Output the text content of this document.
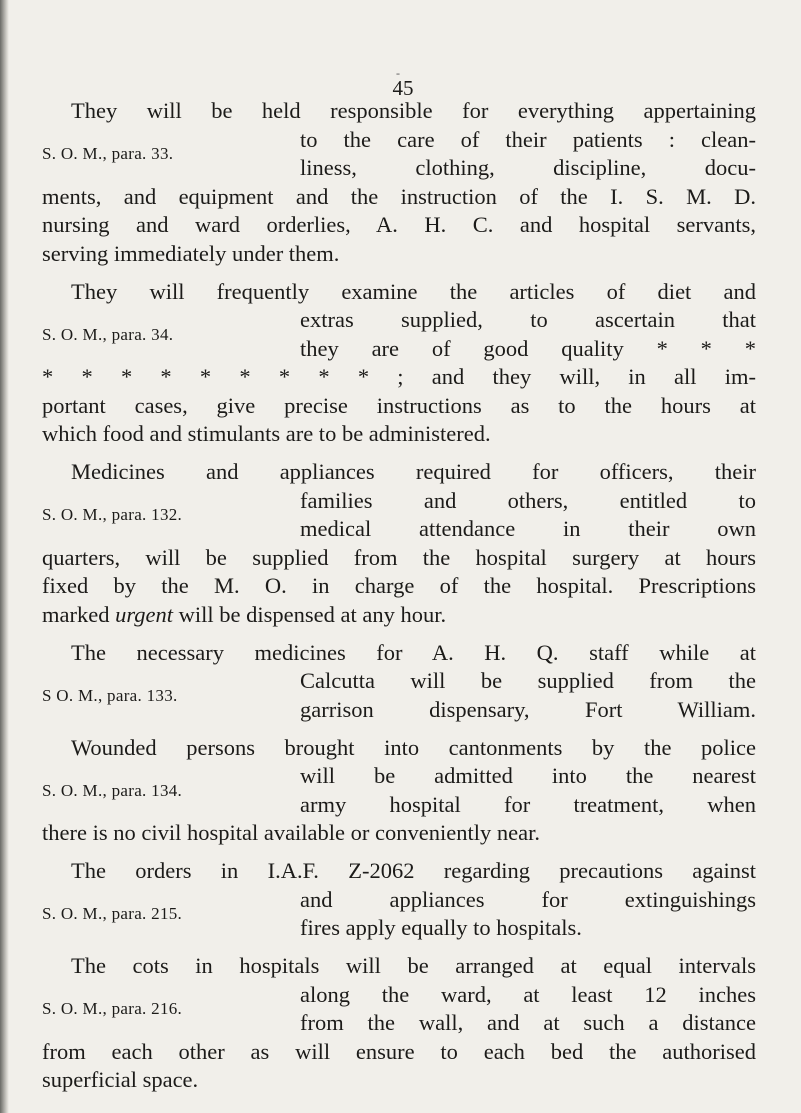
-
45
They will be held responsible for everything appertaining
S. O. M., para. 33.
to the care of their patients : clean-
liness, clothing, discipline, docu-
ments, and equipment and the instruction of the I. S. M. D.
nursing and ward orderlies, A. H. C. and hospital servants,
serving immediately under them.
They will frequently examine the articles of diet and
S. O. M., para. 34.
extras supplied, to ascertain that
they are of good quality * * *
* * * * * * * * * ; and they will, in all im-
portant cases, give precise instructions as to the hours at
which food and stimulants are to be administered.
Medicines and appliances required for officers, their
S. O. M., para. 132.
families and others, entitled to
medical attendance in their own
quarters, will be supplied from the hospital surgery at hours
fixed by the M. O. in charge of the hospital. Prescriptions
marked urgent will be dispensed at any hour.
The necessary medicines for A. H. Q. staff while at
S O. M., para. 133.
Calcutta will be supplied from the
garrison dispensary, Fort William.
Wounded persons brought into cantonments by the police
S. O. M., para. 134.
will be admitted into the nearest
army hospital for treatment, when
there is no civil hospital available or conveniently near.
The orders in I.A.F. Z-2062 regarding precautions against
S. O. M., para. 215.
and appliances for extinguishings
fires apply equally to hospitals.
The cots in hospitals will be arranged at equal intervals
S. O. M., para. 216.
along the ward, at least 12 inches
from the wall, and at such a distance
from each other as will ensure to each bed the authorised
superficial space.
